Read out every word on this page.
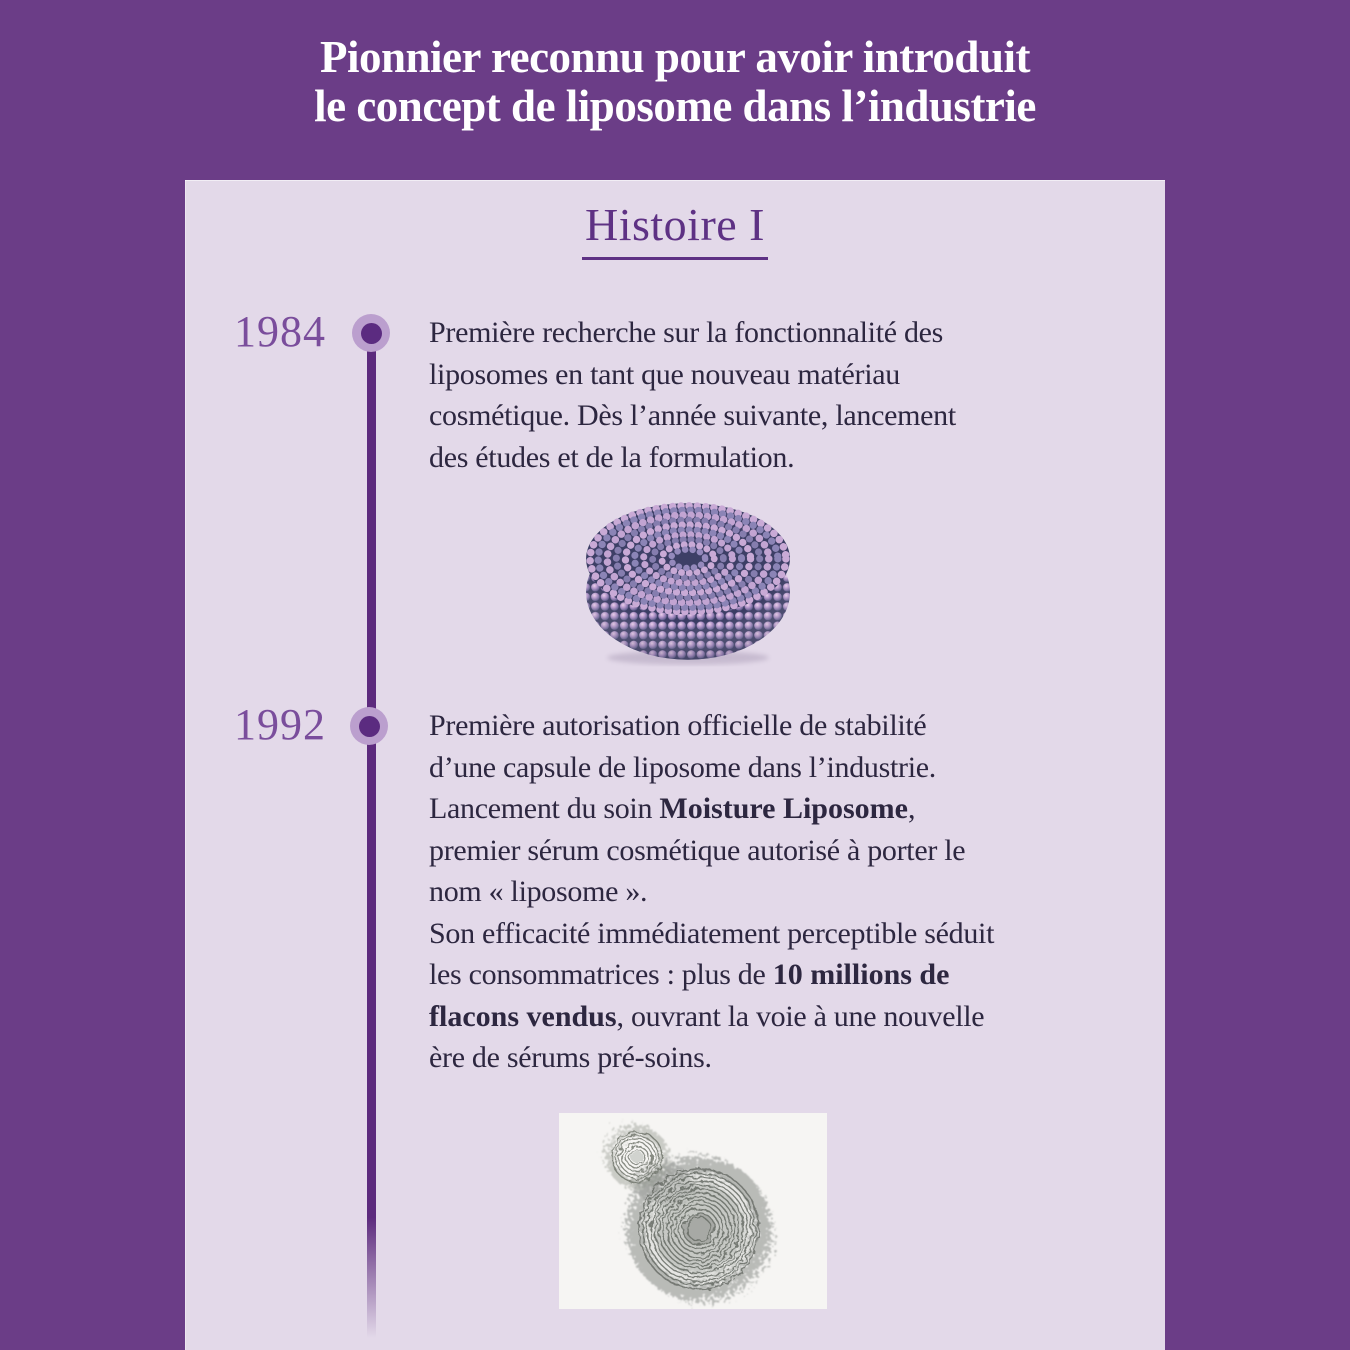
Pionnier reconnu pour avoir introduit
le concept de liposome dans l’industrie
Histoire I
1984	Première recherche sur la fonctionnalité des
liposomes en tant que nouveau matériau
cosmétique. Dès l’année suivante, lancement
des études et de la formulation.
1992	Première autorisation officielle de stabilité
d’une capsule de liposome dans l’industrie.
Lancement du soin Moisture Liposome,
premier sérum cosmétique autorisé à porter le
nom « liposome ».
Son efficacité immédiatement perceptible séduit
les consommatrices : plus de 10 millions de
flacons vendus, ouvrant la voie à une nouvelle
ère de sérums pré-soins.
